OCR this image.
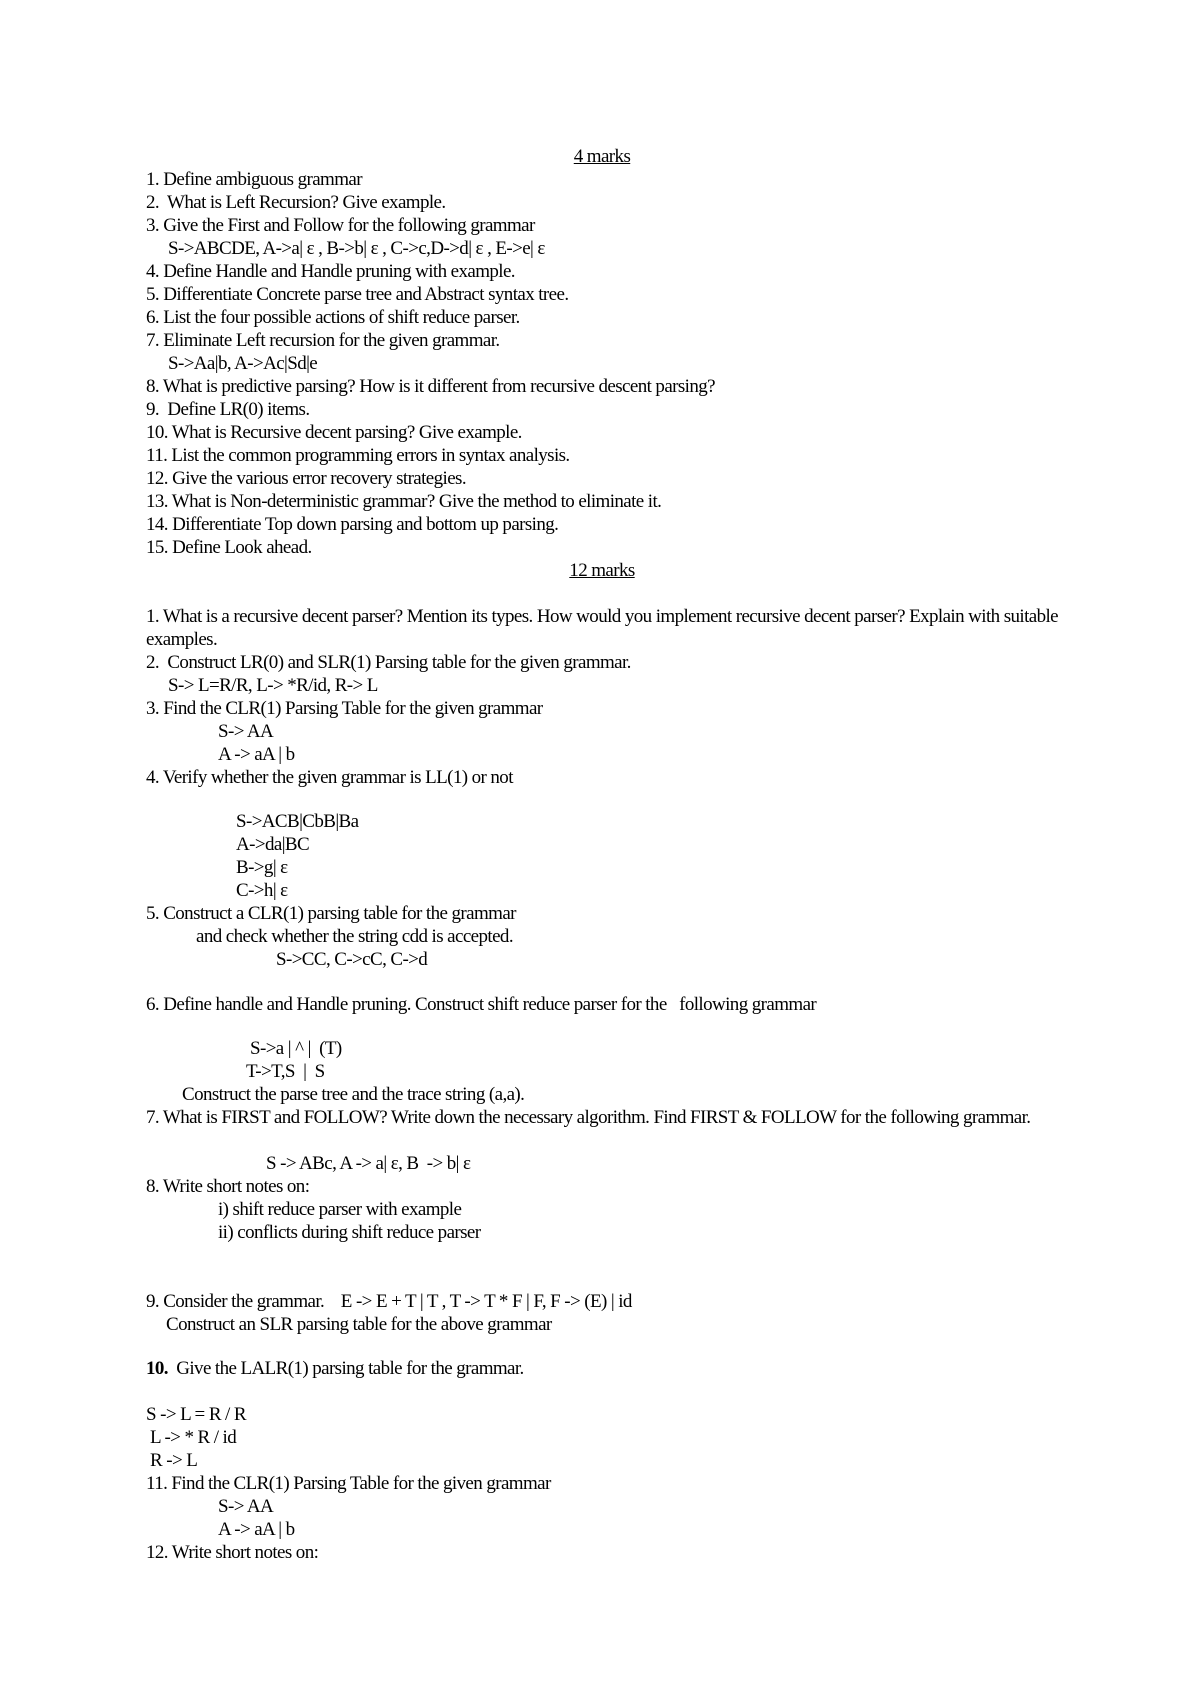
4 marks
1. Define ambiguous grammar
2.  What is Left Recursion? Give example.
3. Give the First and Follow for the following grammar
S->ABCDE, A->a| ε , B->b| ε , C->c,D->d| ε , E->e| ε
4. Define Handle and Handle pruning with example.
5. Differentiate Concrete parse tree and Abstract syntax tree.
6. List the four possible actions of shift reduce parser.
7. Eliminate Left recursion for the given grammar.
S->Aa|b, A->Ac|Sd|e
8. What is predictive parsing? How is it different from recursive descent parsing?
9.  Define LR(0) items.
10. What is Recursive decent parsing? Give example.
11. List the common programming errors in syntax analysis.
12. Give the various error recovery strategies.
13. What is Non-deterministic grammar? Give the method to eliminate it.
14. Differentiate Top down parsing and bottom up parsing.
15. Define Look ahead.
12 marks
1. What is a recursive decent parser? Mention its types. How would you implement recursive decent parser? Explain with suitable examples.
2.  Construct LR(0) and SLR(1) Parsing table for the given grammar.
S-> L=R/R, L-> *R/id, R-> L
3. Find the CLR(1) Parsing Table for the given grammar
S-> AA
A -> aA | b
4. Verify whether the given grammar is LL(1) or not
S->ACB|CbB|Ba
A->da|BC
B->g| ε
C->h| ε
5. Construct a CLR(1) parsing table for the grammar
and check whether the string cdd is accepted.
S->CC, C->cC, C->d
6. Define handle and Handle pruning. Construct shift reduce parser for the   following grammar
S->a | ^ |  (T)
T->T,S  |  S
Construct the parse tree and the trace string (a,a).
7. What is FIRST and FOLLOW? Write down the necessary algorithm. Find FIRST & FOLLOW for the following grammar.
S -> ABc, A -> a| ε, B  -> b| ε
8. Write short notes on:
i) shift reduce parser with example
ii) conflicts during shift reduce parser
9. Consider the grammar.    E -> E + T | T , T -> T * F | F, F -> (E) | id
Construct an SLR parsing table for the above grammar
10.  Give the LALR(1) parsing table for the grammar.
S -> L = R / R
L -> * R / id
R -> L
11. Find the CLR(1) Parsing Table for the given grammar
S-> AA
A -> aA | b
12. Write short notes on:
